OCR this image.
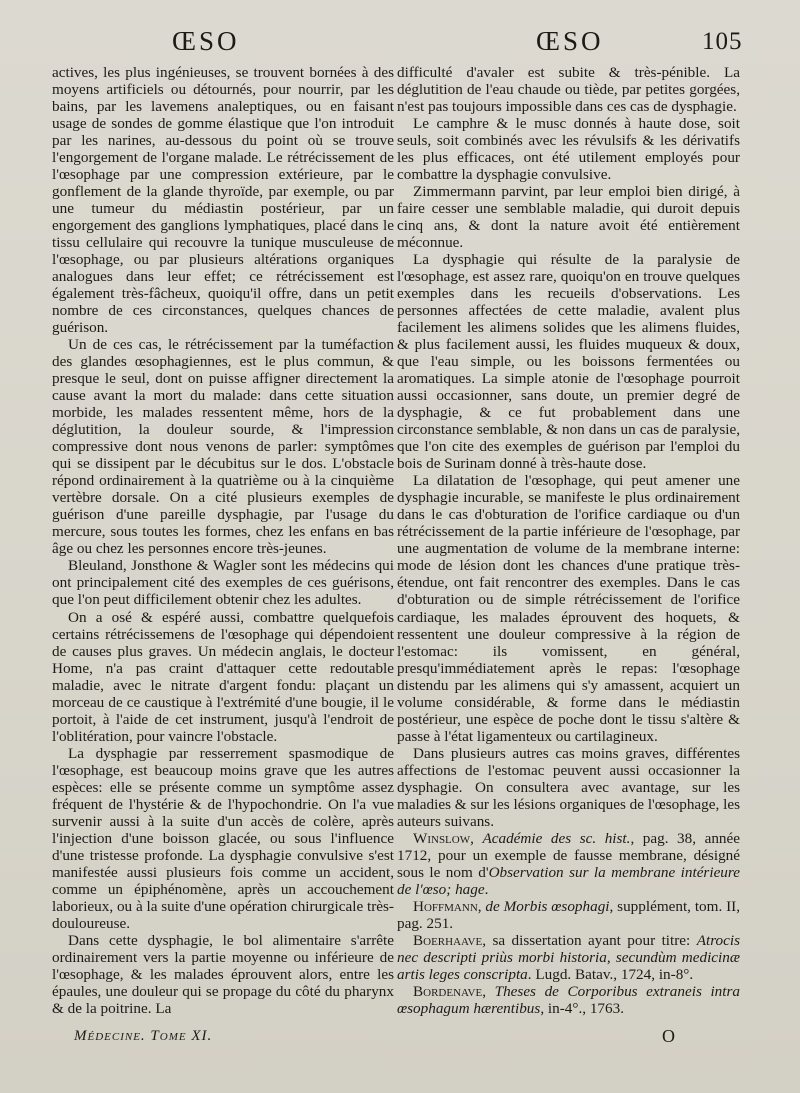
ŒSO	ŒSO	105

actives, les plus ingénieuses, se trouvent bornées à des moyens artificiels ou détournés, pour nourrir, par les bains, par les lavemens analeptiques, ou en faisant usage de sondes de gomme élastique que l'on introduit par les narines, au-dessous du point où se trouve l'engorgement de l'organe malade. Le rétrécissement de l'œsophage par une compression extérieure, par le gonflement de la glande thyroïde, par exemple, ou par une tumeur du médiastin postérieur, par un engorgement des ganglions lymphatiques, placé dans le tissu cellulaire qui recouvre la tunique musculeuse de l'œsophage, ou par plusieurs altérations organiques analogues dans leur effet; ce rétrécissement est également très-fâcheux, quoiqu'il offre, dans un petit nombre de ces circonstances, quelques chances de guérison.

Un de ces cas, le rétrécissement par la tuméfaction des glandes œsophagiennes, est le plus commun, & presque le seul, dont on puisse affigner directement la cause avant la mort du malade: dans cette situation morbide, les malades ressentent même, hors de la déglutition, la douleur sourde, & l'impression compressive dont nous venons de parler: symptômes qui se dissipent par le décubitus sur le dos. L'obstacle répond ordinairement à la quatrième ou à la cinquième vertèbre dorsale. On a cité plusieurs exemples de guérison d'une pareille dysphagie, par l'usage du mercure, sous toutes les formes, chez les enfans en bas âge ou chez les personnes encore très-jeunes.

Bleuland, Jonsthone & Wagler sont les médecins qui ont principalement cité des exemples de ces guérisons, que l'on peut difficilement obtenir chez les adultes.

On a osé & espéré aussi, combattre quelquefois certains rétrécissemens de l'œsophage qui dépendoient de causes plus graves. Un médecin anglais, le docteur Home, n'a pas craint d'attaquer cette redoutable maladie, avec le nitrate d'argent fondu: plaçant un morceau de ce caustique à l'extrémité d'une bougie, il le portoit, à l'aide de cet instrument, jusqu'à l'endroit de l'oblitération, pour vaincre l'obstacle.

La dysphagie par resserrement spasmodique de l'œsophage, est beaucoup moins grave que les autres espèces: elle se présente comme un symptôme assez fréquent de l'hystérie & de l'hypochondrie. On l'a vue survenir aussi à la suite d'un accès de colère, après l'injection d'une boisson glacée, ou sous l'influence d'une tristesse profonde. La dysphagie convulsive s'est manifestée aussi plusieurs fois comme un accident, comme un épiphénomène, après un accouchement laborieux, ou à la suite d'une opération chirurgicale très-douloureuse.

Dans cette dysphagie, le bol alimentaire s'arrête ordinairement vers la partie moyenne ou inférieure de l'œsophage, & les malades éprouvent alors, entre les épaules, une douleur qui se propage du côté du pharynx & de la poitrine. La

difficulté d'avaler est subite & très-pénible. La déglutition de l'eau chaude ou tiède, par petites gorgées, n'est pas toujours impossible dans ces cas de dysphagie.

Le camphre & le musc donnés à haute dose, soit seuls, soit combinés avec les révulsifs & les dérivatifs les plus efficaces, ont été utilement employés pour combattre la dysphagie convulsive.

Zimmermann parvint, par leur emploi bien dirigé, à faire cesser une semblable maladie, qui duroit depuis cinq ans, & dont la nature avoit été entièrement méconnue.

La dysphagie qui résulte de la paralysie de l'œsophage, est assez rare, quoiqu'on en trouve quelques exemples dans les recueils d'observations. Les personnes affectées de cette maladie, avalent plus facilement les alimens solides que les alimens fluides, & plus facilement aussi, les fluides muqueux & doux, que l'eau simple, ou les boissons fermentées ou aromatiques. La simple atonie de l'œsophage pourroit aussi occasionner, sans doute, un premier degré de dysphagie, & ce fut probablement dans une circonstance semblable, & non dans un cas de paralysie, que l'on cite des exemples de guérison par l'emploi du bois de Surinam donné à très-haute dose.

La dilatation de l'œsophage, qui peut amener une dysphagie incurable, se manifeste le plus ordinairement dans le cas d'obturation de l'orifice cardiaque ou d'un rétrécissement de la partie inférieure de l'œsophage, par une augmentation de volume de la membrane interne: mode de lésion dont les chances d'une pratique très-étendue, ont fait rencontrer des exemples. Dans le cas d'obturation ou de simple rétrécissement de l'orifice cardiaque, les malades éprouvent des hoquets, & ressentent une douleur compressive à la région de l'estomac: ils vomissent, en général, presqu'immédiatement après le repas: l'œsophage distendu par les alimens qui s'y amassent, acquiert un volume considérable, & forme dans le médiastin postérieur, une espèce de poche dont le tissu s'altère & passe à l'état ligamenteux ou cartilagineux.

Dans plusieurs autres cas moins graves, différentes affections de l'estomac peuvent aussi occasionner la dysphagie. On consultera avec avantage, sur les maladies & sur les lésions organiques de l'œsophage, les auteurs suivans.

Winslow, Académie des sc. hist., pag. 38, année 1712, pour un exemple de fausse membrane, désigné sous le nom d'Observation sur la membrane intérieure de l'œso; hage.

Hoffmann, de Morbis œsophagi, supplément, tom. II, pag. 251.

Boerhaave, sa dissertation ayant pour titre: Atrocis nec descripti priùs morbi historia, secundùm medicinæ artis leges conscripta. Lugd. Batav., 1724, in-8°.

Bordenave, Theses de Corporibus extraneis intra œsophagum hærentibus, in-4°., 1763.

Médecine. Tome XI.	O
